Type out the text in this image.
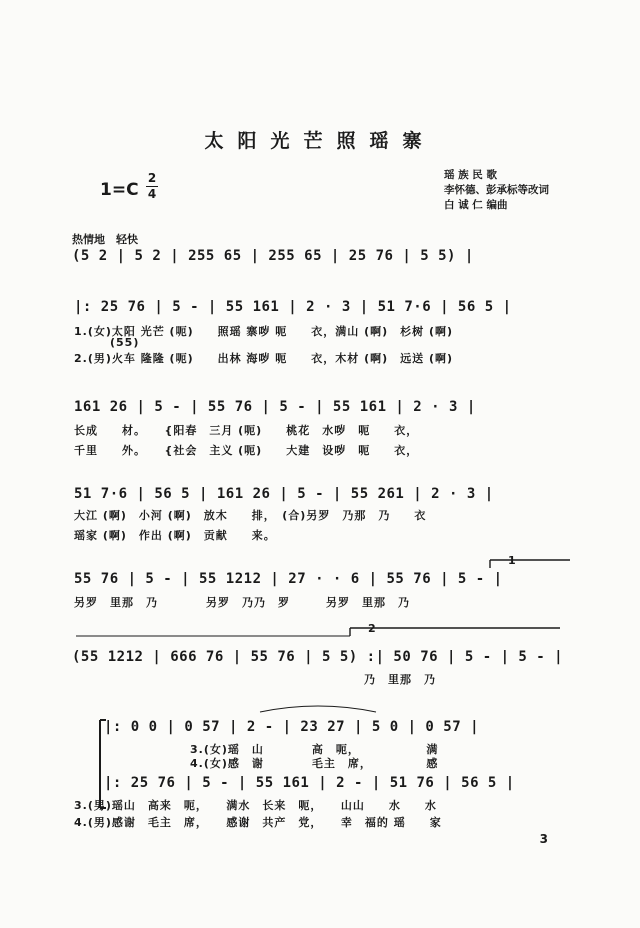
太阳光芒照瑶寨
1=C
2
4
瑶 族 民 歌
李怀德、彭承标等改词
白 诚 仁 编曲
热情地　轻快
(5 2 | 5 2 | 255 65 | 255 65 | 25 76 | 5 5) |
|: 25 76 | 5 - | 55 161 | 2 · 3 | 51 7·6 | 56 5 |
1.(女)太阳 光芒 (呃)　　照瑶 寨哕 呃　　衣，满山 (啊)　杉树 (啊)
(55)
2.(男)火车 隆隆 (呃)　　出林 海哕 呃　　衣，木材 (啊)　远送 (啊)
161 26 | 5 - | 55 76 | 5 - | 55 161 | 2 · 3 |
长成　　材。　　{阳春　三月 (呃)　　桃花　水哕　呃　　衣，
千里　　外。　　{社会　主义 (呃)　　大建　设哕　呃　　衣，
51 7·6 | 56 5 | 161 26 | 5 - | 55 261 | 2 · 3 |
大江 (啊)　小河 (啊)　放木　　排，　(合)另罗　乃那　乃　　衣
瑶家 (啊)　作出 (啊)　贡献　　来。
1
55 76 | 5 - | 55 1212 | 27 · · 6 | 55 76 | 5 - |
另罗　里那　乃　　　　另罗　乃乃　罗　　　另罗　里那　乃
2
(55 1212 | 666 76 | 55 76 | 5 5) :| 50 76 | 5 - | 5 - |
乃　里那　乃
|: 0 0 | 0 57 | 2 - | 23 27 | 5 0 | 0 57 |
3.(女)瑶　山　　　　高　呃，　　　　　　满
4.(女)感　谢　　　　毛主　席，　　　　　感
|: 25 76 | 5 - | 55 161 | 2 - | 51 76 | 56 5 |
3.(男)瑶山　高来　呃，　　满水　长来　呃，　　山山　　水　　水
4.(男)感谢　毛主　席，　　感谢　共产　党，　　幸　福的 瑶　　家
3
